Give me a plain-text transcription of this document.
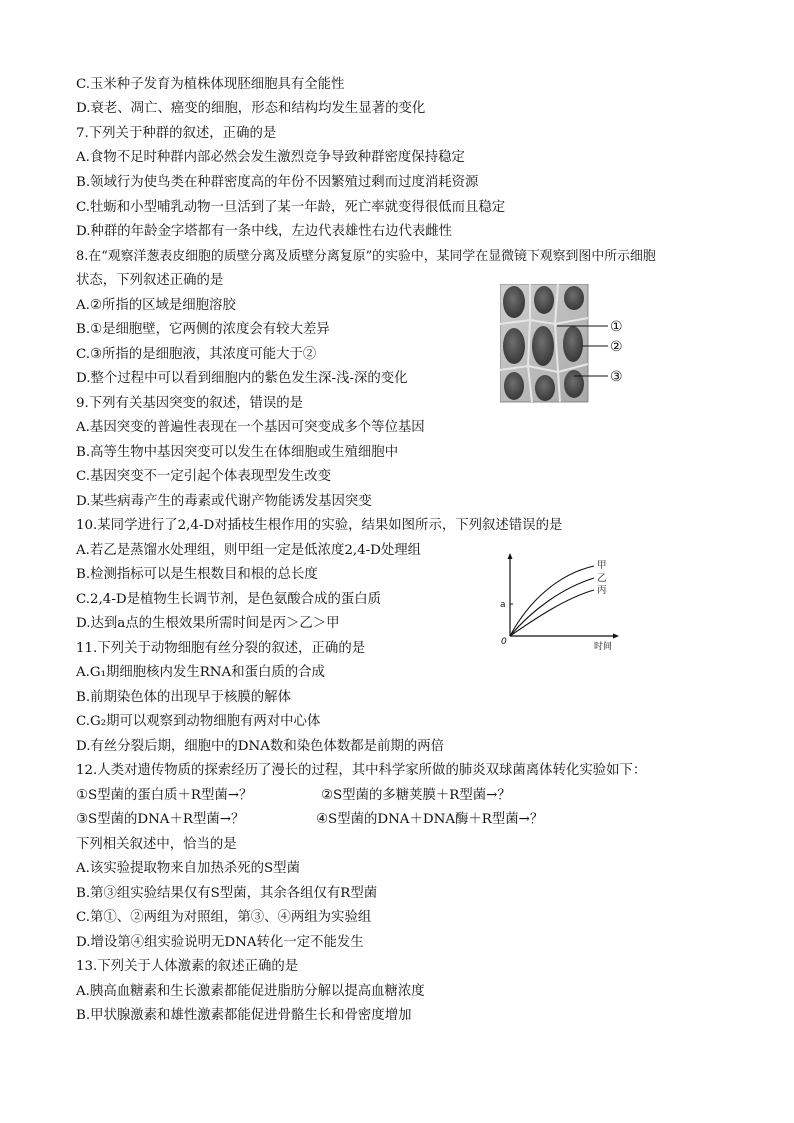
C.玉米种子发育为植株体现胚细胞具有全能性
D.衰老、凋亡、癌变的细胞，形态和结构均发生显著的变化
7.下列关于种群的叙述，正确的是
A.食物不足时种群内部必然会发生激烈竞争导致种群密度保持稳定
B.领域行为使鸟类在种群密度高的年份不因繁殖过剩而过度消耗资源
C.牡蛎和小型哺乳动物一旦活到了某一年龄，死亡率就变得很低而且稳定
D.种群的年龄金字塔都有一条中线，左边代表雄性右边代表雌性
8.在“观察洋葱表皮细胞的质壁分离及质壁分离复原”的实验中，某同学在显微镜下观察到图中所示细胞
状态，下列叙述正确的是
A.②所指的区域是细胞溶胶
B.①是细胞壁，它两侧的浓度会有较大差异
C.③所指的是细胞液，其浓度可能大于②
D.整个过程中可以看到细胞内的紫色发生深-浅-深的变化
9.下列有关基因突变的叙述，错误的是
A.基因突变的普遍性表现在一个基因可突变成多个等位基因
B.高等生物中基因突变可以发生在体细胞或生殖细胞中
C.基因突变不一定引起个体表现型发生改变
D.某些病毒产生的毒素或代谢产物能诱发基因突变
10.某同学进行了2,4-D对插枝生根作用的实验，结果如图所示，下列叙述错误的是
A.若乙是蒸馏水处理组，则甲组一定是低浓度2,4-D处理组
B.检测指标可以是生根数目和根的总长度
C.2,4-D是植物生长调节剂，是色氨酸合成的蛋白质
D.达到a点的生根效果所需时间是丙＞乙＞甲
11.下列关于动物细胞有丝分裂的叙述，正确的是
A.G₁期细胞核内发生RNA和蛋白质的合成
B.前期染色体的出现早于核膜的解体
C.G₂期可以观察到动物细胞有两对中心体
D.有丝分裂后期，细胞中的DNA数和染色体数都是前期的两倍
12.人类对遗传物质的探索经历了漫长的过程，其中科学家所做的肺炎双球菌离体转化实验如下：
①S型菌的蛋白质＋R型菌→？	②S型菌的多糖荚膜＋R型菌→？
③S型菌的DNA＋R型菌→？	④S型菌的DNA＋DNA酶＋R型菌→？
下列相关叙述中，恰当的是
A.该实验提取物来自加热杀死的S型菌
B.第③组实验结果仅有S型菌，其余各组仅有R型菌
C.第①、②两组为对照组，第③、④两组为实验组
D.增设第④组实验说明无DNA转化一定不能发生
13.下列关于人体激素的叙述正确的是
A.胰高血糖素和生长激素都能促进脂肪分解以提高血糖浓度
B.甲状腺激素和雄性激素都能促进骨骼生长和骨密度增加
①
②
③
甲
乙
丙
a
0	时间
